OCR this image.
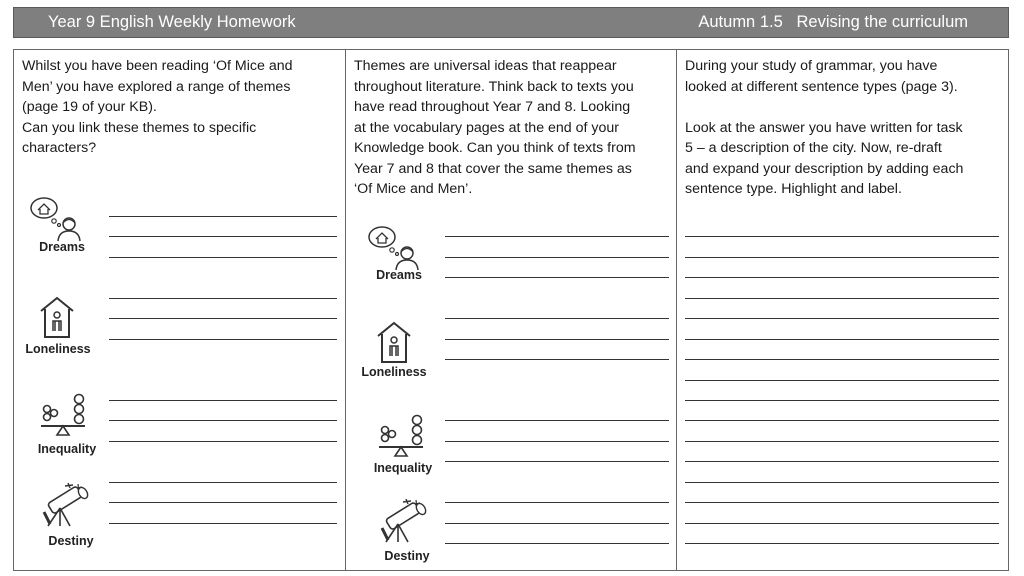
Year 9 English Weekly Homework	Autumn 1.5   Revising the curriculum

Whilst you have been reading ‘Of Mice and

Men’ you have explored a range of themes

(page 19 of your KB).

Can you link these themes to specific

characters?

Dreams
Loneliness
Inequality
Destiny

Themes are universal ideas that reappear

throughout literature. Think back to texts you

have read throughout Year 7 and 8. Looking

at the vocabulary pages at the end of your

Knowledge book. Can you think of texts from

Year 7 and 8 that cover the same themes as

‘Of Mice and Men’.

Dreams
Loneliness
Inequality
Destiny

During your study of grammar, you have

looked at different sentence types (page 3).

Look at the answer you have written for task

5 – a description of the city. Now, re-draft

and expand your description by adding each

sentence type. Highlight and label.
